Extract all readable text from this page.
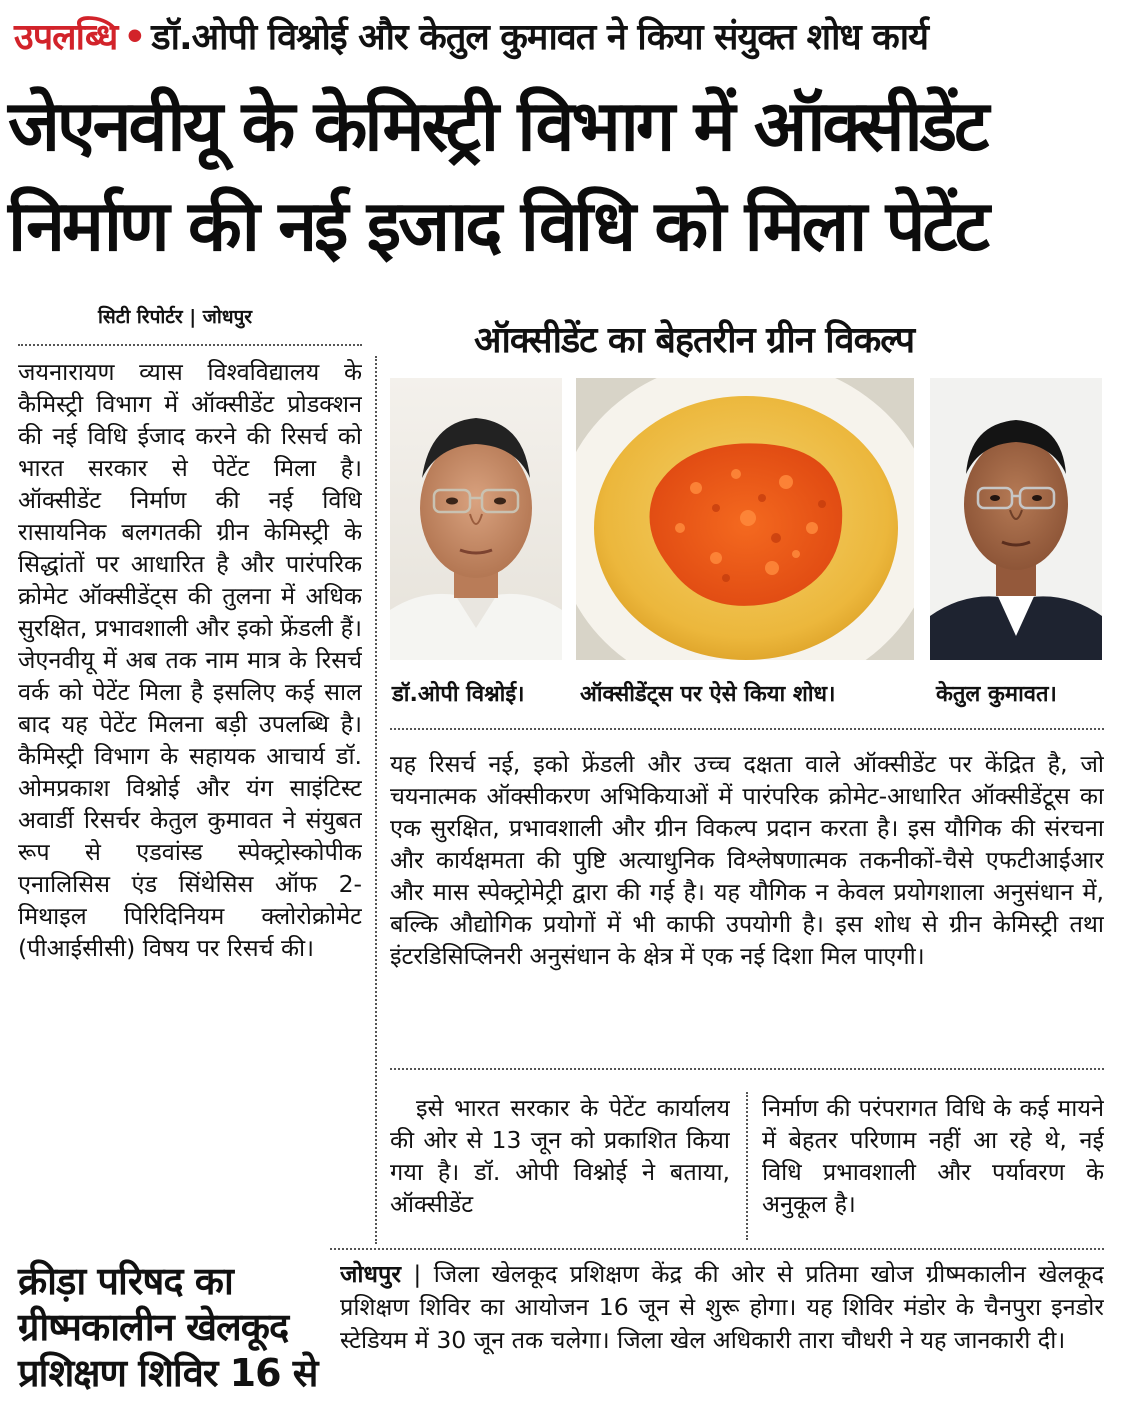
उपलब्धि • डॉ.ओपी विश्नोई और केतुल कुमावत ने किया संयुक्त शोध कार्य
जेएनवीयू के केमिस्ट्री विभाग में ऑक्सीडेंट
निर्माण की नई इजाद विधि को मिला पेटेंट
सिटी रिपोर्टर | जोधपुर
ऑक्सीडेंट का बेहतरीन ग्रीन विकल्प
डॉ.ओपी विश्नोई।	ऑक्सीडेंट्स पर ऐसे किया शोध।	केतुल कुमावत।
जयनारायण व्यास विश्वविद्यालय के कैमिस्ट्री विभाग में ऑक्सीडेंट प्रोडक्शन की नई विधि ईजाद करने की रिसर्च को भारत सरकार से पेटेंट मिला है। ऑक्सीडेंट निर्माण की नई विधि रासायनिक बलगतकी ग्रीन केमिस्ट्री के सिद्धांतों पर आधारित है और पारंपरिक क्रोमेट ऑक्सीडेंट्स की तुलना में अधिक सुरक्षित, प्रभावशाली और इको फ्रेंडली हैं। जेएनवीयू में अब तक नाम मात्र के रिसर्च वर्क को पेटेंट मिला है इसलिए कई साल बाद यह पेटेंट मिलना बड़ी उपलब्धि है। कैमिस्ट्री विभाग के सहायक आचार्य डॉ. ओमप्रकाश विश्नोई और यंग साइंटिस्ट अवार्डी रिसर्चर केतुल कुमावत ने संयुबत रूप से एडवांस्ड स्पेक्ट्रोस्कोपीक एनालिसिस एंड सिंथेसिस ऑफ 2- मिथाइल पिरिदिनियम क्लोरोक्रोमेट (पीआईसीसी) विषय पर रिसर्च की।
यह रिसर्च नई, इको फ्रेंडली और उच्च दक्षता वाले ऑक्सीडेंट पर केंद्रित है, जो चयनात्मक ऑक्सीकरण अभिकियाओं में पारंपरिक क्रोमेट-आधारित ऑक्सीडेंटूस का एक सुरक्षित, प्रभावशाली और ग्रीन विकल्प प्रदान करता है। इस यौगिक की संरचना और कार्यक्षमता की पुष्टि अत्याधुनिक विश्लेषणात्मक तकनीकों-चैसे एफटीआईआर और मास स्पेक्ट्रोमेट्री द्वारा की गई है। यह यौगिक न केवल प्रयोगशाला अनुसंधान में, बल्कि औद्योगिक प्रयोगों में भी काफी उपयोगी है। इस शोध से ग्रीन केमिस्ट्री तथा इंटरडिसिप्लिनरी अनुसंधान के क्षेत्र में एक नई दिशा मिल पाएगी।
इसे भारत सरकार के पेटेंट कार्यालय की ओर से 13 जून को प्रकाशित किया गया है। डॉ. ओपी विश्नोई ने बताया, ऑक्सीडेंट
निर्माण की परंपरागत विधि के कई मायने में बेहतर परिणाम नहीं आ रहे थे, नई विधि प्रभावशाली और पर्यावरण के अनुकूल है।
क्रीड़ा परिषद का ग्रीष्मकालीन खेलकूद प्रशिक्षण शिविर 16 से
जोधपुर | जिला खेलकूद प्रशिक्षण केंद्र की ओर से प्रतिमा खोज ग्रीष्मकालीन खेलकूद प्रशिक्षण शिविर का आयोजन 16 जून से शुरू होगा। यह शिविर मंडोर के चैनपुरा इनडोर स्टेडियम में 30 जून तक चलेगा। जिला खेल अधिकारी तारा चौधरी ने यह जानकारी दी।
